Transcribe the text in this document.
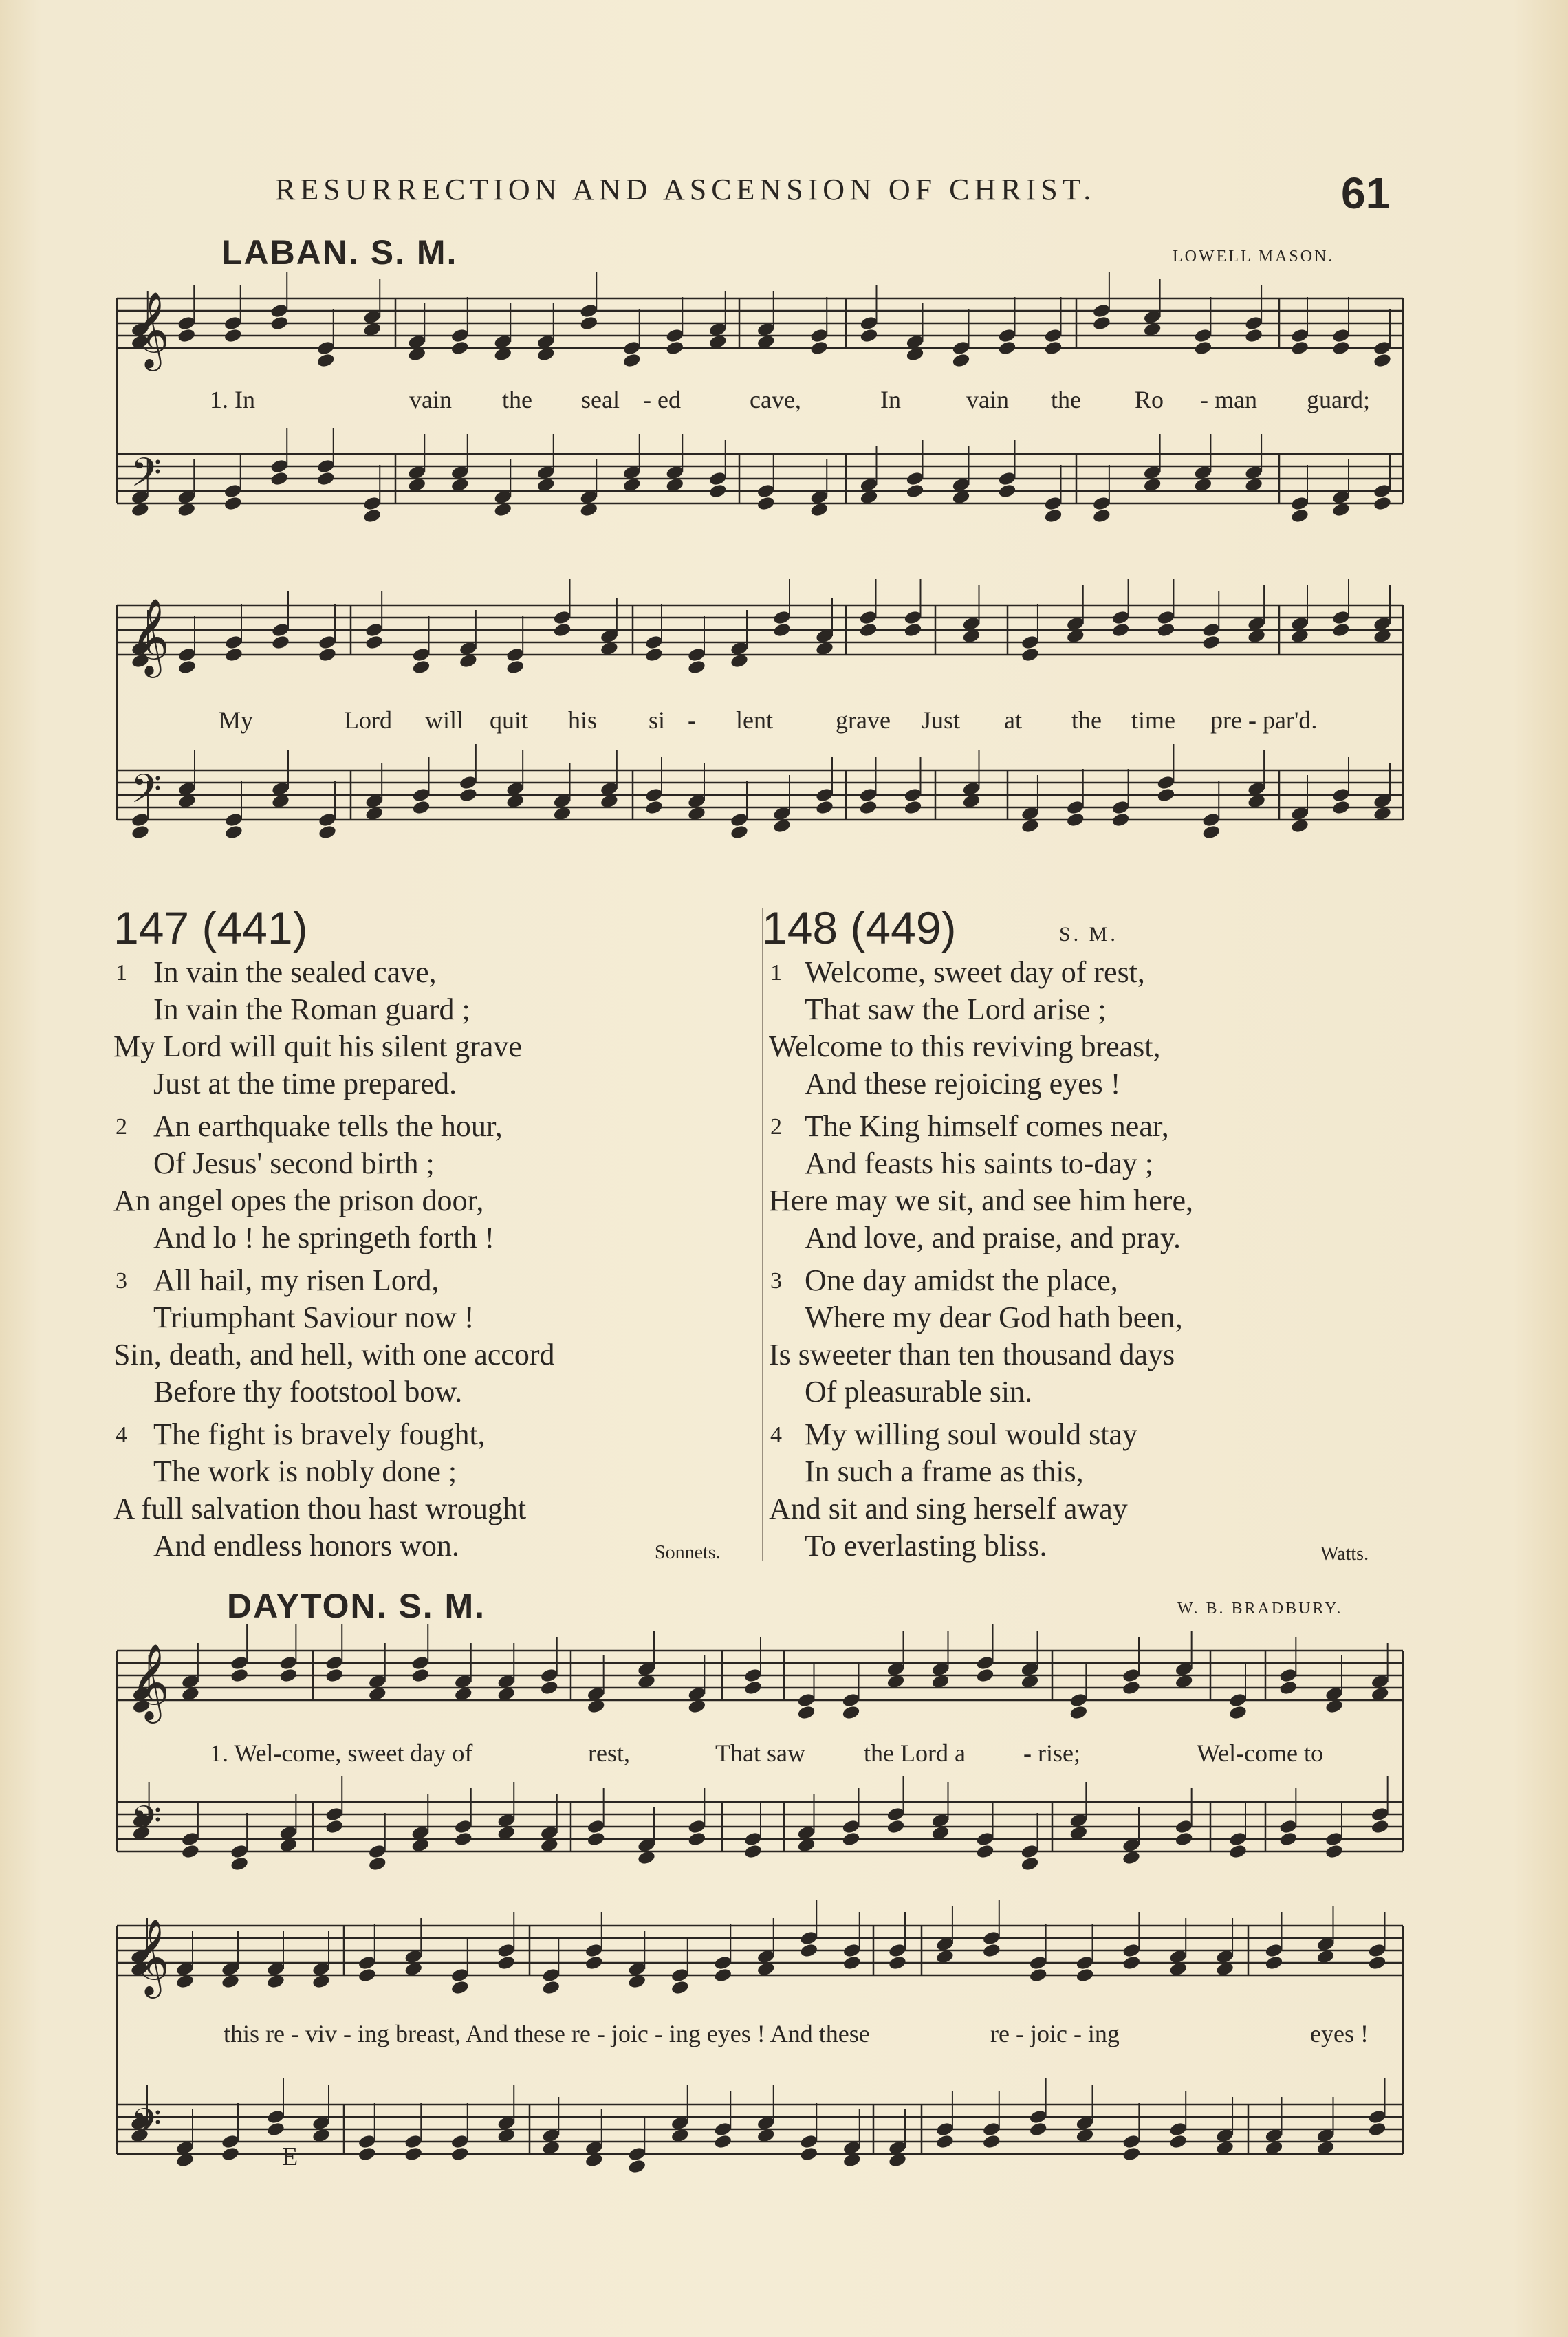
RESURRECTION AND ASCENSION OF CHRIST.	61
LABAN. S. M.	LOWELL MASON.
𝄞
𝄢
𝄞
𝄢
𝄞
𝄢
𝄞
𝄢
1. In	vain the seal - ed	cave,	In	vain the Ro - man guard;
My	Lord will quit his si - lent	grave Just at the time pre - par'd.
147 (441)
1 In vain the sealed cave,
In vain the Roman guard ;
My Lord will quit his silent grave
Just at the time prepared.
2 An earthquake tells the hour,
Of Jesus' second birth ;
An angel opes the prison door,
And lo ! he springeth forth !
3 All hail, my risen Lord,
Triumphant Saviour now !
Sin, death, and hell, with one accord
Before thy footstool bow.
4 The fight is bravely fought,
The work is nobly done ;
A full salvation thou hast wrought
And endless honors won.	Sonnets.
148 (449)	S. M.
1 Welcome, sweet day of rest,
That saw the Lord arise ;
Welcome to this reviving breast,
And these rejoicing eyes !
2 The King himself comes near,
And feasts his saints to-day ;
Here may we sit, and see him here,
And love, and praise, and pray.
3 One day amidst the place,
Where my dear God hath been,
Is sweeter than ten thousand days
Of pleasurable sin.
4 My willing soul would stay
In such a frame as this,
And sit and sing herself away
To everlasting bliss.	Watts.
DAYTON. S. M.	W. B. BRADBURY.
1. Wel-come, sweet day of	rest,	That saw the Lord a - rise;	Wel-come to
this re - viv - ing breast, And these re - joic - ing eyes ! And these	re - joic - ing	eyes !
E
